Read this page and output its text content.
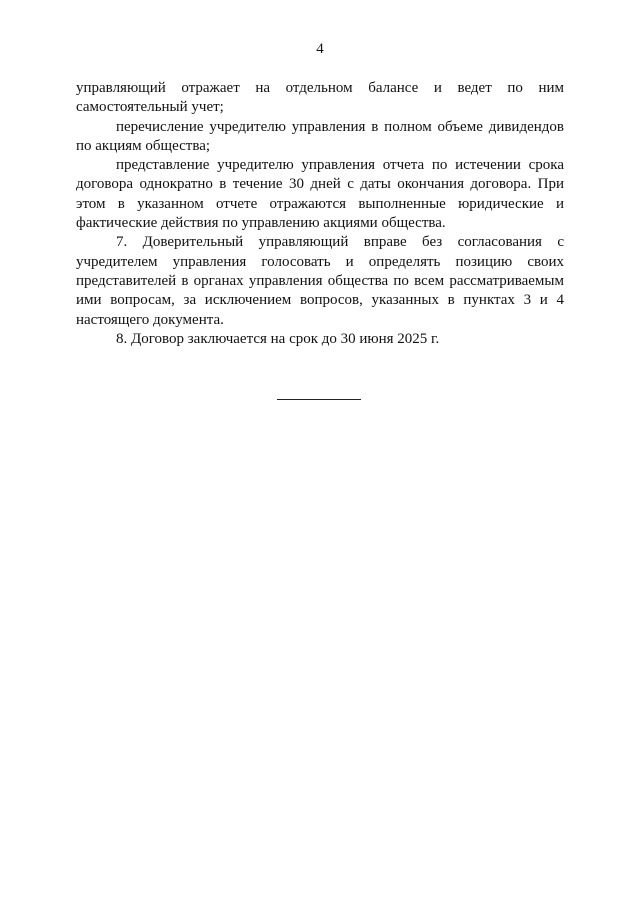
4

управляющий отражает на отдельном балансе и ведет по ним самостоятельный учет;

перечисление учредителю управления в полном объеме дивидендов по акциям общества;

представление учредителю управления отчета по истечении срока договора однократно в течение 30 дней с даты окончания договора. При этом в указанном отчете отражаются выполненные юридические и фактические действия по управлению акциями общества.

7. Доверительный управляющий вправе без согласования с учредителем управления голосовать и определять позицию своих представителей в органах управления общества по всем рассматриваемым ими вопросам, за исключением вопросов, указанных в пунктах 3 и 4 настоящего документа.

8. Договор заключается на срок до 30 июня 2025 г.
